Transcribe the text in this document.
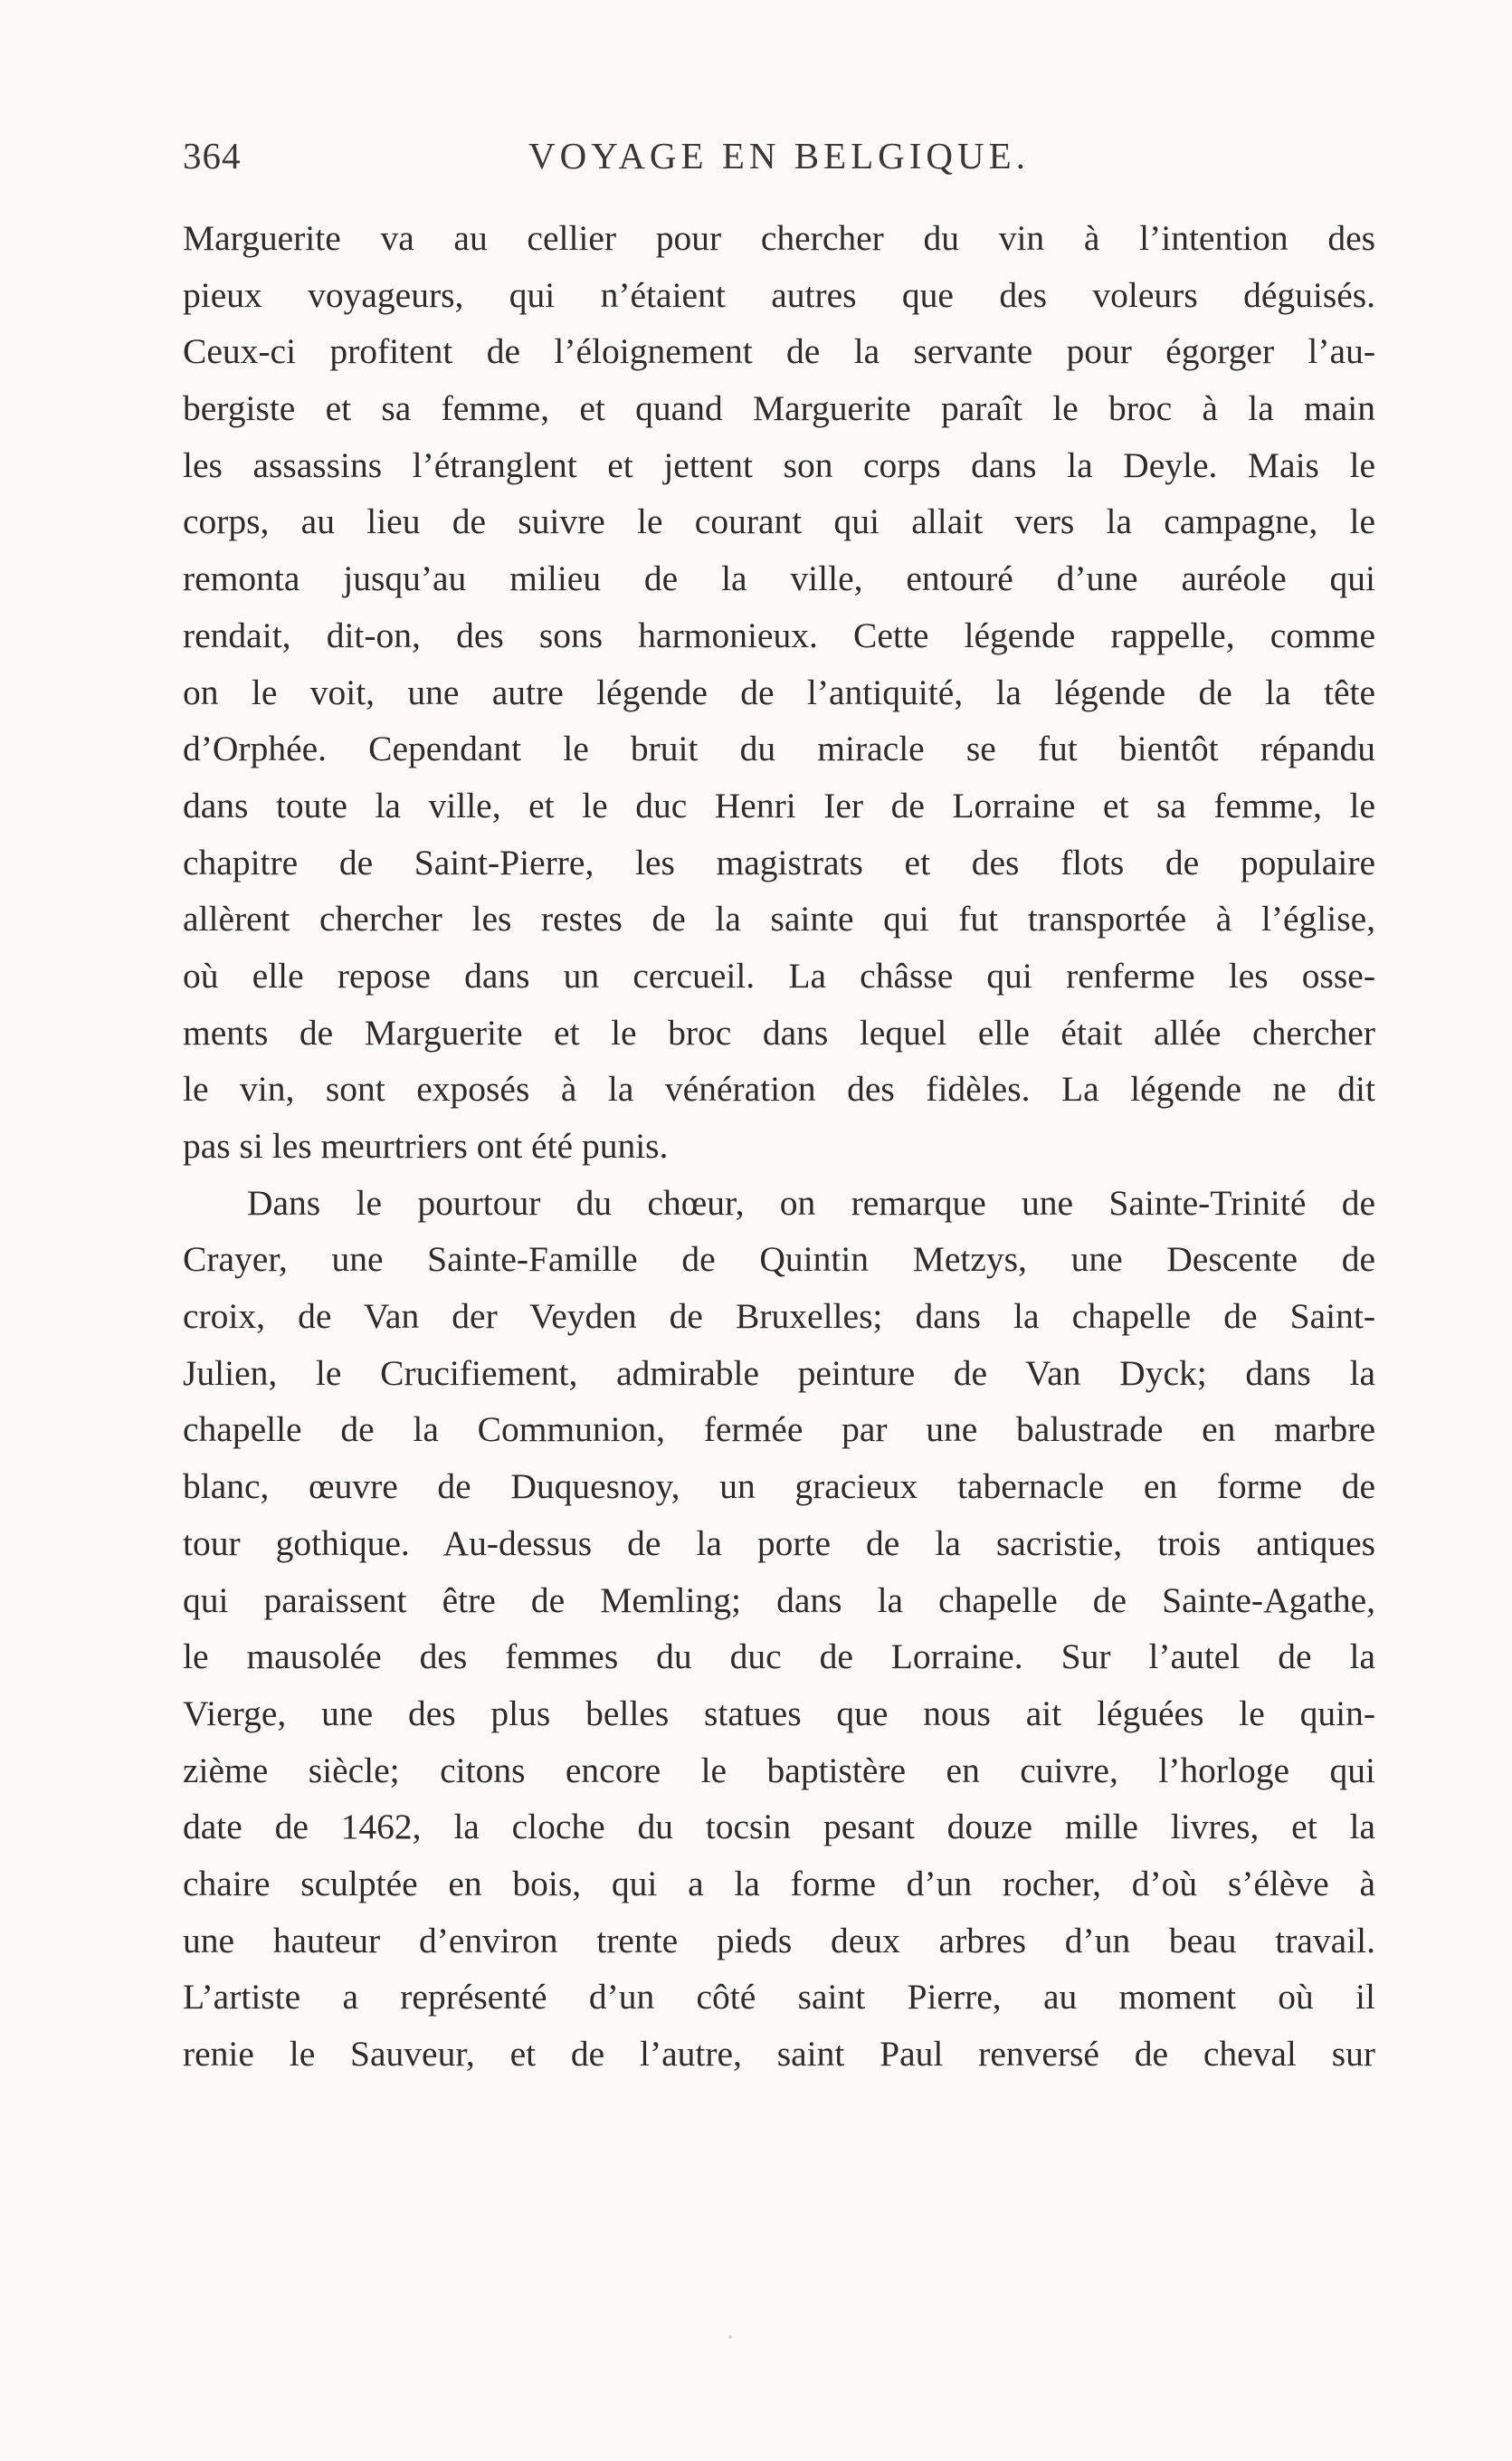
364	VOYAGE EN BELGIQUE.
Marguerite va au cellier pour chercher du vin à l’intention des
pieux voyageurs, qui n’étaient autres que des voleurs déguisés.
Ceux-ci profitent de l’éloignement de la servante pour égorger l’au-
bergiste et sa femme, et quand Marguerite paraît le broc à la main
les assassins l’étranglent et jettent son corps dans la Deyle. Mais le
corps, au lieu de suivre le courant qui allait vers la campagne, le
remonta jusqu’au milieu de la ville, entouré d’une auréole qui
rendait, dit-on, des sons harmonieux. Cette légende rappelle, comme
on le voit, une autre légende de l’antiquité, la légende de la tête
d’Orphée. Cependant le bruit du miracle se fut bientôt répandu
dans toute la ville, et le duc Henri Ier de Lorraine et sa femme, le
chapitre de Saint-Pierre, les magistrats et des flots de populaire
allèrent chercher les restes de la sainte qui fut transportée à l’église,
où elle repose dans un cercueil. La châsse qui renferme les osse-
ments de Marguerite et le broc dans lequel elle était allée chercher
le vin, sont exposés à la vénération des fidèles. La légende ne dit
pas si les meurtriers ont été punis.
Dans le pourtour du chœur, on remarque une Sainte-Trinité de
Crayer, une Sainte-Famille de Quintin Metzys, une Descente de
croix, de Van der Veyden de Bruxelles; dans la chapelle de Saint-
Julien, le Crucifiement, admirable peinture de Van Dyck; dans la
chapelle de la Communion, fermée par une balustrade en marbre
blanc, œuvre de Duquesnoy, un gracieux tabernacle en forme de
tour gothique. Au-dessus de la porte de la sacristie, trois antiques
qui paraissent être de Memling; dans la chapelle de Sainte-Agathe,
le mausolée des femmes du duc de Lorraine. Sur l’autel de la
Vierge, une des plus belles statues que nous ait léguées le quin-
zième siècle; citons encore le baptistère en cuivre, l’horloge qui
date de 1462, la cloche du tocsin pesant douze mille livres, et la
chaire sculptée en bois, qui a la forme d’un rocher, d’où s’élève à
une hauteur d’environ trente pieds deux arbres d’un beau travail.
L’artiste a représenté d’un côté saint Pierre, au moment où il
renie le Sauveur, et de l’autre, saint Paul renversé de cheval sur
